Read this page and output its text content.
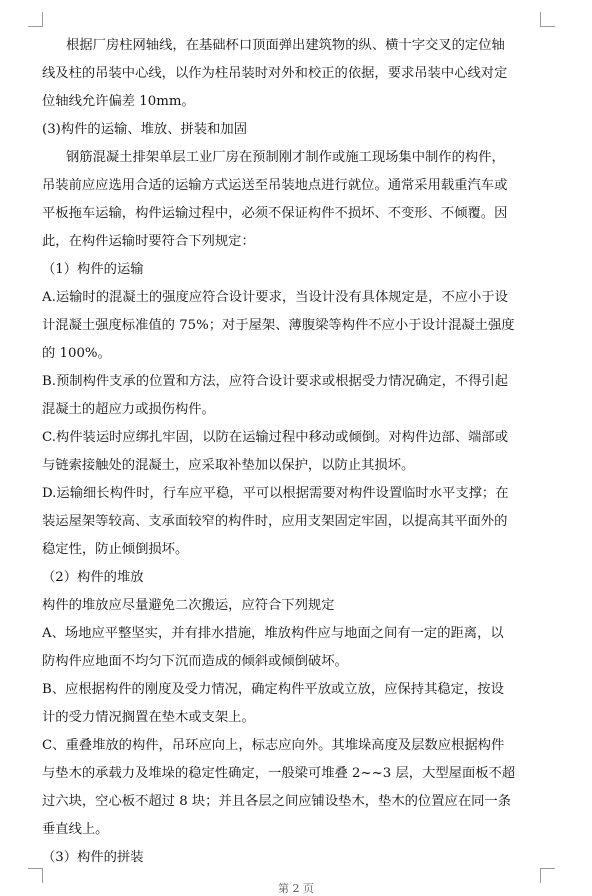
根据厂房柱网轴线，在基础杯口顶面弹出建筑物的纵、横十字交叉的定位轴
线及柱的吊装中心线，以作为柱吊装时对外和校正的依据，要求吊装中心线对定
位轴线允许偏差 10mm。
(3)构件的运输、堆放、拼装和加固
钢筋混凝土排架单层工业厂房在预制刚才制作或施工现场集中制作的构件，
吊装前应应选用合适的运输方式运送至吊装地点进行就位。通常采用载重汽车或
平板拖车运输，构件运输过程中，必须不保证构件不损坏、不变形、不倾覆。因
此，在构件运输时要符合下列规定：
（1）构件的运输
A.运输时的混凝土的强度应符合设计要求，当设计没有具体规定是，不应小于设
计混凝土强度标准值的 75%；对于屋架、薄腹梁等构件不应小于设计混凝土强度
的 100%。
B.预制构件支承的位置和方法，应符合设计要求或根据受力情况确定，不得引起
混凝土的超应力或损伤构件。
C.构件装运时应绑扎牢固，以防在运输过程中移动或倾倒。对构件边部、端部或
与链索接触处的混凝土，应采取补垫加以保护，以防止其损坏。
D.运输细长构件时，行车应平稳，平可以根据需要对构件设置临时水平支撑；在
装运屋架等较高、支承面较窄的构件时，应用支架固定牢固，以提高其平面外的
稳定性，防止倾倒损坏。
（2）构件的堆放
构件的堆放应尽量避免二次搬运，应符合下列规定
A、场地应平整坚实，并有排水措施，堆放构件应与地面之间有一定的距离，以
防构件应地面不均匀下沉而造成的倾斜或倾倒破坏。
B、应根据构件的刚度及受力情况，确定构件平放或立放，应保持其稳定，按设
计的受力情况搁置在垫木或支架上。
C、重叠堆放的构件，吊环应向上，标志应向外。其堆垛高度及层数应根据构件
与垫木的承载力及堆垛的稳定性确定，一般梁可堆叠 2~~3 层，大型屋面板不超
过六块，空心板不超过 8 块；并且各层之间应铺设垫木，垫木的位置应在同一条
垂直线上。
（3）构件的拼装
第 2 页
